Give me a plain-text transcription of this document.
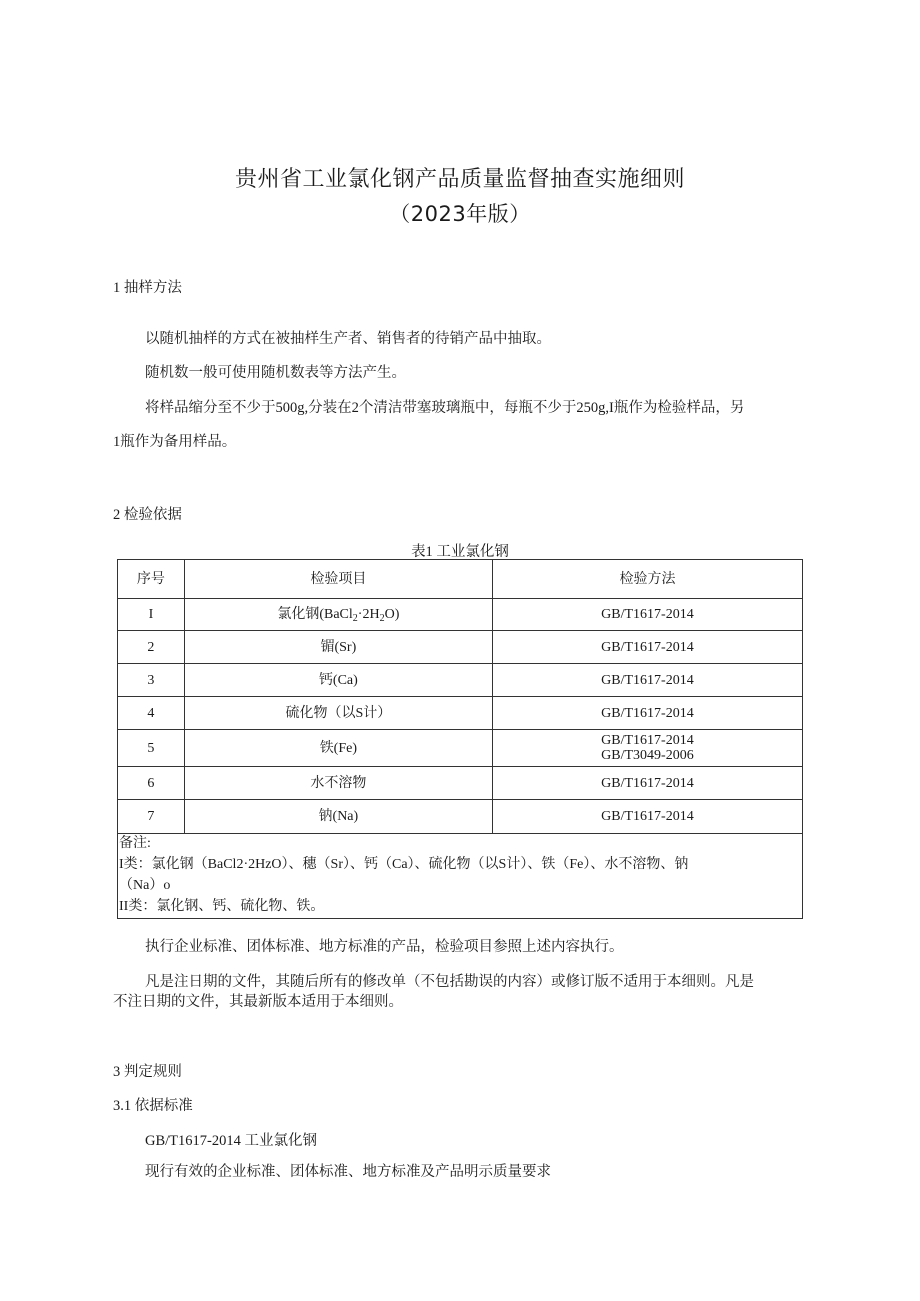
贵州省工业氯化钢产品质量监督抽查实施细则
（2023年版）
1 抽样方法
以随机抽样的方式在被抽样生产者、销售者的待销产品中抽取。
随机数一般可使用随机数表等方法产生。
将样品缩分至不少于500g,分装在2个清洁带塞玻璃瓶中，每瓶不少于250g,I瓶作为检验样品，另
1瓶作为备用样品。
2 检验依据
表1 工业氯化钢
序号	检验项目	检验方法
I	氯化钢$(BaCl_2\cdot 2H_2O)$	GB/T1617-2014
2	镅(Sr)	GB/T1617-2014
3	钙(Ca)	GB/T1617-2014
4	硫化物（以S计）	GB/T1617-2014
5	铁(Fe)	GB/T1617-2014
GB/T3049-2006

6	水不溶物	GB/T1617-2014
7	钠(Na)	GB/T1617-2014
备注:
I类：氯化钢（BaCl2·2HzO）、穗（Sr）、钙（Ca）、硫化物（以S计）、铁（Fe）、水不溶物、钠
（Na）o
II类：氯化钢、钙、硫化物、铁。
执行企业标准、团体标准、地方标准的产品，检验项目参照上述内容执行。
凡是注日期的文件，其随后所有的修改单（不包括勘误的内容）或修订版不适用于本细则。凡是
不注日期的文件，其最新版本适用于本细则。
3 判定规则
3.1 依据标准
GB/T1617-2014 工业氯化钢
现行有效的企业标准、团体标准、地方标准及产品明示质量要求
